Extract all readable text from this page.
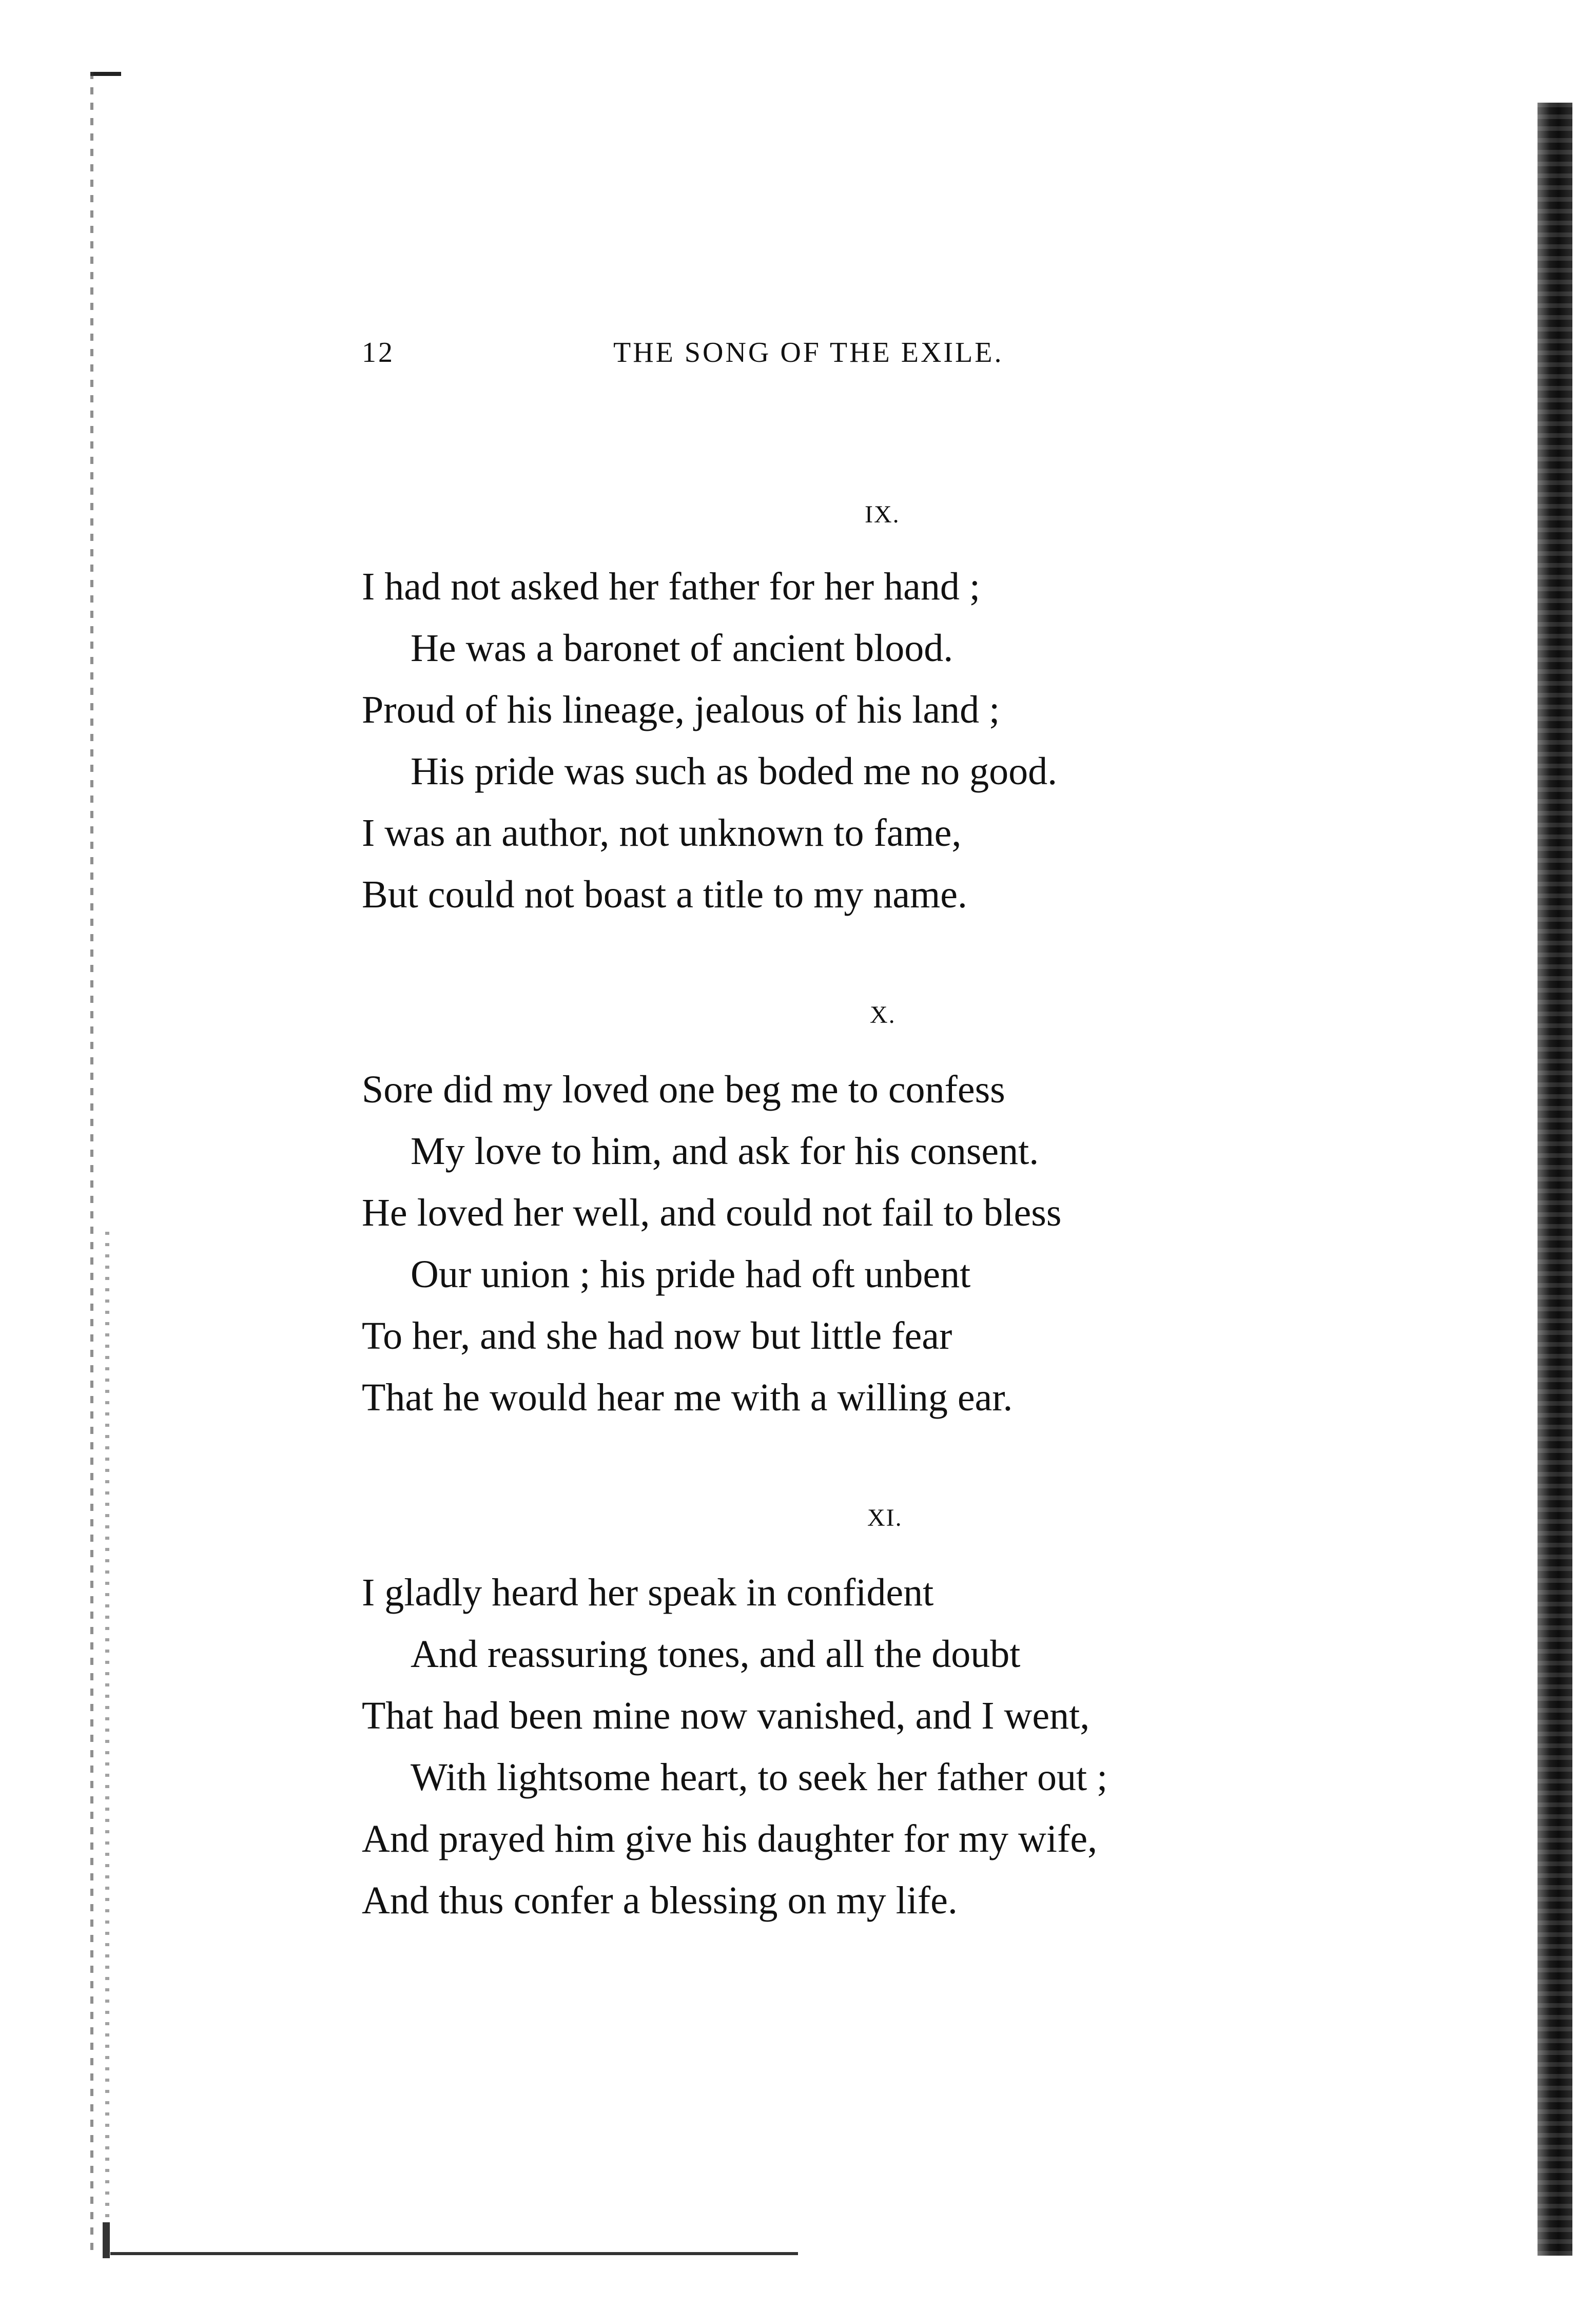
12	THE SONG OF THE EXILE.
IX.
I had not asked her father for her hand ;
He was a baronet of ancient blood.
Proud of his lineage, jealous of his land ;
His pride was such as boded me no good.
I was an author, not unknown to fame,
But could not boast a title to my name.
X.
Sore did my loved one beg me to confess
My love to him, and ask for his consent.
He loved her well, and could not fail to bless
Our union ; his pride had oft unbent
To her, and she had now but little fear
That he would hear me with a willing ear.
XI.
I gladly heard her speak in confident
And reassuring tones, and all the doubt
That had been mine now vanished, and I went,
With lightsome heart, to seek her father out ;
And prayed him give his daughter for my wife,
And thus confer a blessing on my life.
